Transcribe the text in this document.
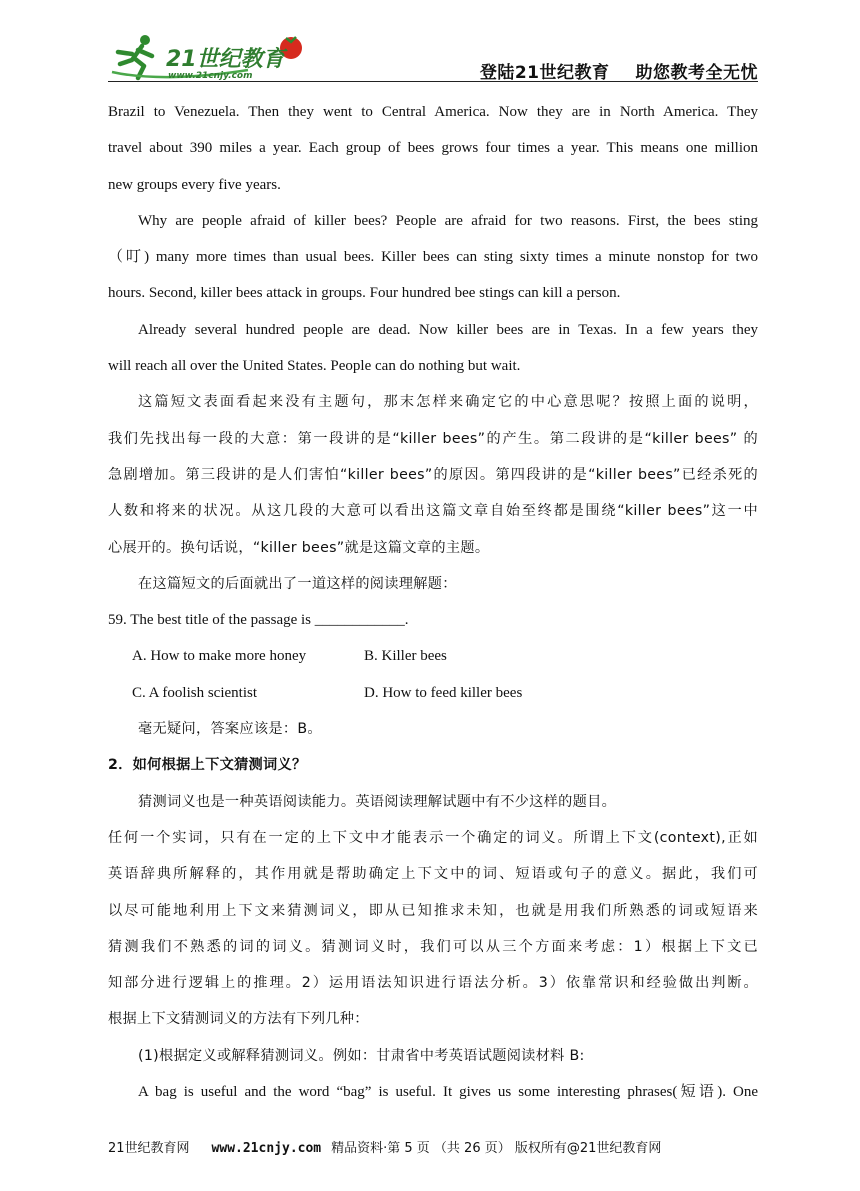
21世纪教育
www.21cnjy.com	登陆21世纪教育 助您教考全无忧
Brazil to Venezuela. Then they went to Central America. Now they are in North America. They
travel about 390 miles a year. Each group of bees grows four times a year. This means one million
new groups every five years.
Why are people afraid of killer bees? People are afraid for two reasons. First, the bees sting
（叮) many more times than usual bees. Killer bees can sting sixty times a minute nonstop for two
hours. Second, killer bees attack in groups. Four hundred bee stings can kill a person.
Already several hundred people are dead. Now killer bees are in Texas. In a few years they
will reach all over the United States. People can do nothing but wait.
这篇短文表面看起来没有主题句，那末怎样来确定它的中心意思呢？按照上面的说明，
我们先找出每一段的大意：第一段讲的是“killer bees”的产生。第二段讲的是“killer bees” 的
急剧增加。第三段讲的是人们害怕“killer bees”的原因。第四段讲的是“killer bees”已经杀死的
人数和将来的状况。从这几段的大意可以看出这篇文章自始至终都是围绕“killer bees”这一中
心展开的。换句话说，“killer bees”就是这篇文章的主题。
在这篇短文的后面就出了一道这样的阅读理解题：
59. The best title of the passage is ____________.
A. How to make more honey	B. Killer bees
C. A foolish scientist	D. How to feed killer bees
毫无疑问，答案应该是：B。
2．如何根据上下文猜测词义？
猜测词义也是一种英语阅读能力。英语阅读理解试题中有不少这样的题目。
任何一个实词，只有在一定的上下文中才能表示一个确定的词义。所谓上下文(context),正如
英语辞典所解释的，其作用就是帮助确定上下文中的词、短语或句子的意义。据此，我们可
以尽可能地利用上下文来猜测词义，即从已知推求未知，也就是用我们所熟悉的词或短语来
猜测我们不熟悉的词的词义。猜测词义时，我们可以从三个方面来考虑：1）根据上下文已
知部分进行逻辑上的推理。2）运用语法知识进行语法分析。3）依靠常识和经验做出判断。
根据上下文猜测词义的方法有下列几种：
(1)根据定义或解释猜测词义。例如：甘肃省中考英语试题阅读材料 B:
A bag is useful and the word “bag” is useful. It gives us some interesting phrases(短语). One
21世纪教育网 www.21cnjy.com 精品资料·第 5 页 （共 26 页） 版权所有@21世纪教育网
